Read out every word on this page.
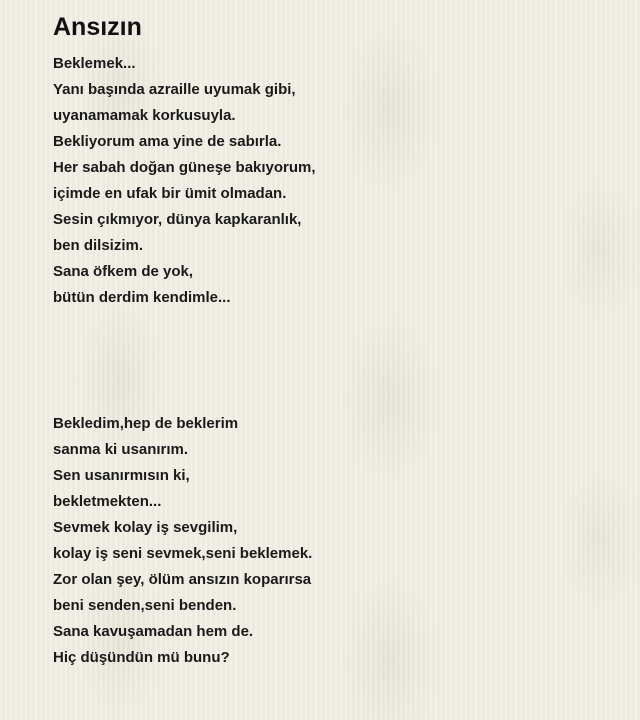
Ansızın
Beklemek...
Yanı başında azraille uyumak gibi,
uyanamamak korkusuyla.
Bekliyorum ama yine de sabırla.
Her sabah doğan güneşe bakıyorum,
içimde en ufak bir ümit olmadan.
Sesin çıkmıyor, dünya kapkaranlık,
ben dilsizim.
Sana öfkem de yok,
bütün derdim kendimle...
Bekledim,hep de beklerim
sanma ki usanırım.
Sen usanırmısın ki,
bekletmekten...
Sevmek kolay iş sevgilim,
kolay iş seni sevmek,seni beklemek.
Zor olan şey, ölüm ansızın koparırsa
beni senden,seni benden.
Sana kavuşamadan hem de.
Hiç düşündün mü bunu?
